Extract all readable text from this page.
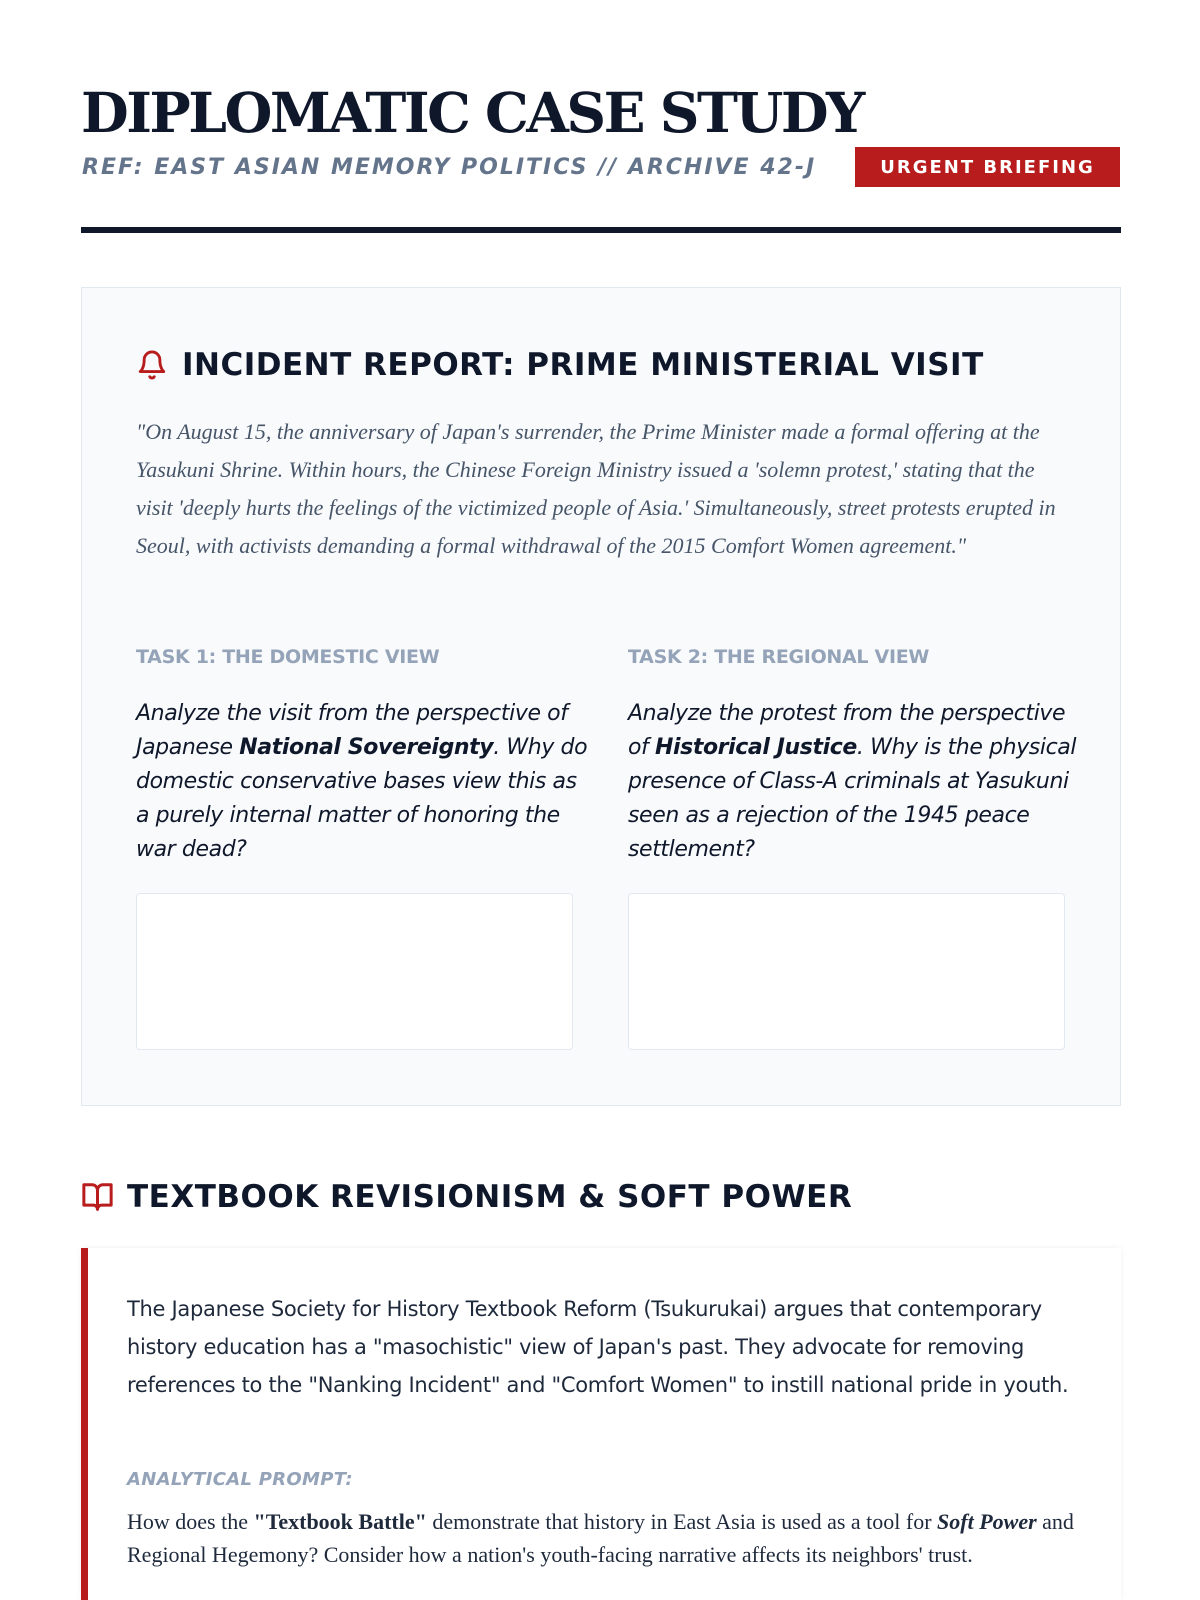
DIPLOMATIC CASE STUDY
REF: EAST ASIAN MEMORY POLITICS // ARCHIVE 42-J	URGENT BRIEFING
INCIDENT REPORT: PRIME MINISTERIAL VISIT

"On August 15, the anniversary of Japan's surrender, the Prime Minister made a formal offering at the Yasukuni Shrine. Within hours, the Chinese Foreign Ministry issued a 'solemn protest,' stating that the visit 'deeply hurts the feelings of the victimized people of Asia.' Simultaneously, street protests erupted in Seoul, with activists demanding a formal withdrawal of the 2015 Comfort Women agreement."

TASK 1: THE DOMESTIC VIEW

Analyze the visit from the perspective of Japanese National Sovereignty. Why do domestic conservative bases view this as a purely internal matter of honoring the war dead?

TASK 2: THE REGIONAL VIEW

Analyze the protest from the perspective of Historical Justice. Why is the physical presence of Class-A criminals at Yasukuni seen as a rejection of the 1945 peace settlement?

TEXTBOOK REVISIONISM & SOFT POWER

The Japanese Society for History Textbook Reform (Tsukurukai) argues that contemporary history education has a "masochistic" view of Japan's past. They advocate for removing references to the "Nanking Incident" and "Comfort Women" to instill national pride in youth.

ANALYTICAL PROMPT:

How does the "Textbook Battle" demonstrate that history in East Asia is used as a tool for Soft Power and Regional Hegemony? Consider how a nation's youth-facing narrative affects its neighbors' trust.
